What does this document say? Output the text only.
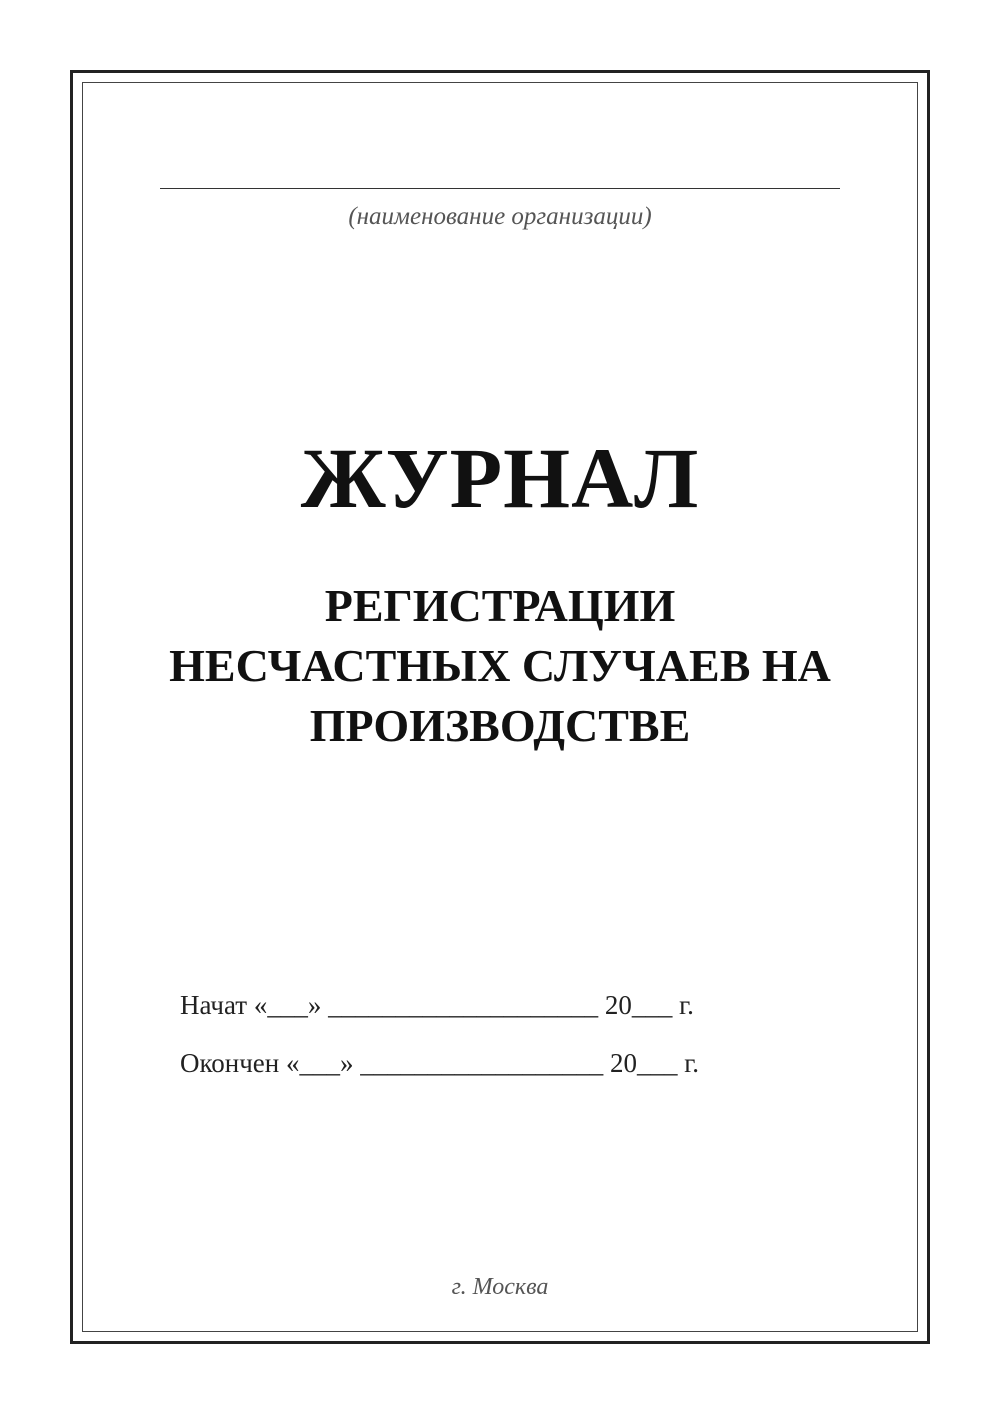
(наименование организации)
ЖУРНАЛ
РЕГИСТРАЦИИ
НЕСЧАСТНЫХ СЛУЧАЕВ НА
ПРОИЗВОДСТВЕ
Начат «___» ____________________ 20___ г.
Окончен «___» __________________ 20___ г.
г. Москва
